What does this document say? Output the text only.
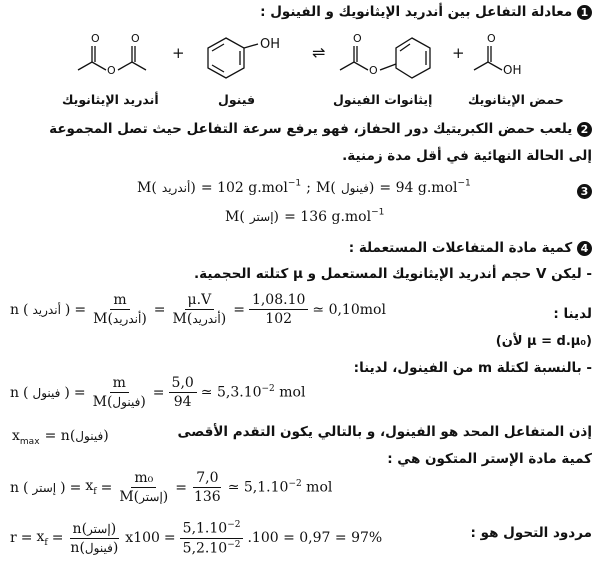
1 معادلة التفاعل بين أندريد الإيثانويك و الفينول :
O
O
O
+	OH ⇌
O
O
+
O
OH
أندريد الإيثانويك	فينول	إيثانوات الفينول	حمض الإيثانويك
2 يلعب حمض الكبريتيك دور الحفاز، فهو يرفع سرعة التفاعل حيث تصل المجموعة
إلى الحالة النهائية في أقل مدة زمنية.
M( أندريد) = 102 g.mol$^{-1}$ ; M( فينول) = 94 g.mol$^{-1}$
3
M( إستر) = 136 g.mol$^{-1}$
4 كمية مادة المتفاعلات المستعملة :
- ليكن V حجم أندريد الإيثانويك المستعمل و μ كتلته الحجمية.
لدينا :
n ( أندريد ) = $\frac{m}{\text{M(أندريد)}} = \frac{\mu.V}{\text{M(أندريد)}} = \frac{1,08.10}{102}$ ≃ 0,10mol
(لأن μ = d.μ₀)
- بالنسبة لكتلة m من الفينول، لدينا:
n ( فينول ) = $\frac{m}{\text{M(فينول)}} = \frac{5,0}{94}$ ≃ $5,3.10^{-2}$ mol
إذن المتفاعل المحد هو الفينول، و بالتالي يكون التقدم الأقصى
$x_{max}$ = n(فينول)
كمية مادة الإستر المتكون هي :
n ( إستر ) = $x_f = \frac{\text{m₀}}{\text{M(إستر)}} = \frac{7,0}{136}$ ≃ $5,1.10^{-2}$ mol
مردود التحول هو :
$r = x_f = \frac{\text{n(إستر)}}{\text{n(فينول)}} x100 = \frac{5,1.10^{-2}}{5,2.10^{-2}} .100 = 0,97 = 97\%$
